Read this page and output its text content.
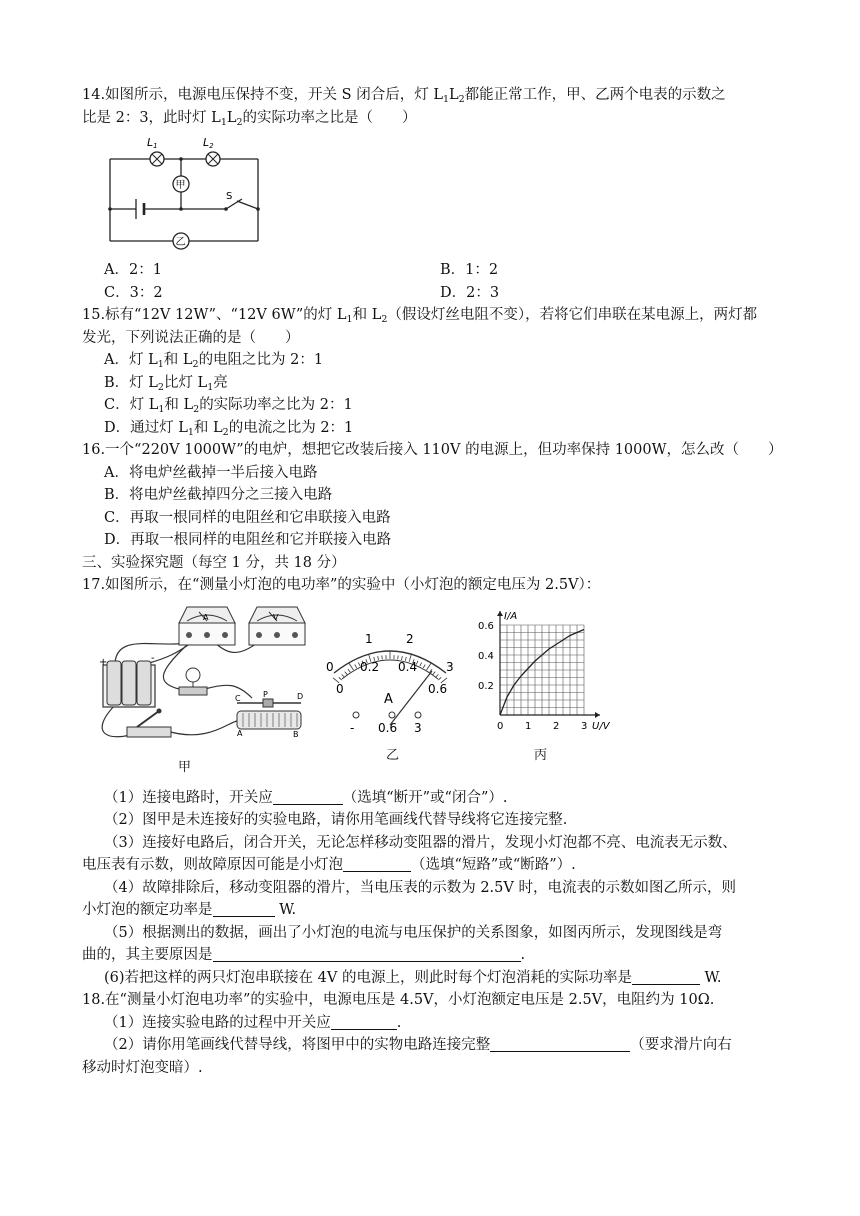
14.如图所示，电源电压保持不变，开关 S 闭合后，灯 $L_1L_2$都能正常工作，甲、乙两个电表的示数之

比是 2：3，此时灯 $L_1L_2$的实际功率之比是（　　）

L1	L2
S
甲
乙
A．2：1	B．1：2
C．3：2	D．2：3

15.标有“12V 12W”、“12V 6W”的灯 $L_1$和 $L_2$（假设灯丝电阻不变），若将它们串联在某电源上，两灯都

发光，下列说法正确的是（　　）

A．灯 $L_1$和 $L_2$的电阻之比为 2：1

B．灯 $L_2$比灯 $L_1$亮

C．灯 $L_1$和 $L_2$的实际功率之比为 2：1

D．通过灯 $L_1$和 $L_2$的电流之比为 2：1

16.一个“220V 1000W”的电炉，想把它改装后接入 110V 的电源上，但功率保持 1000W，怎么改（　　）

A．将电炉丝截掉一半后接入电路

B．将电炉丝截掉四分之三接入电路

C．再取一根同样的电阻丝和它串联接入电路

D．再取一根同样的电阻丝和它并联接入电路

三、实验探究题（每空 1 分，共 18 分）

17.如图所示，在“测量小灯泡的电功率”的实验中（小灯泡的额定电压为 2.5V）：

+	-
A	V
C	P	D
A	B
甲
0
1	2
3
0
0.2 0.4
0.6
A
- 0.6 3
乙
0 1 2 3
0.2
0.4
0.6
I/A
U/V
丙

（1）连接电路时，开关应	（选填“断开”或“闭合”）.

（2）图甲是未连接好的实验电路，请你用笔画线代替导线将它连接完整.

（3）连接好电路后，闭合开关，无论怎样移动变阻器的滑片，发现小灯泡都不亮、电流表无示数、

电压表有示数，则故障原因可能是小灯泡	（选填“短路”或“断路”）.

（4）故障排除后，移动变阻器的滑片，当电压表的示数为 2.5V 时，电流表的示数如图乙所示，则

小灯泡的额定功率是	W.

（5）根据测出的数据，画出了小灯泡的电流与电压保护的关系图象，如图丙所示，发现图线是弯

曲的，其主要原因是	.

(6)若把这样的两只灯泡串联接在 4V 的电源上，则此时每个灯泡消耗的实际功率是	W.

18.在“测量小灯泡电功率”的实验中，电源电压是 4.5V，小灯泡额定电压是 2.5V，电阻约为 10Ω.

（1）连接实验电路的过程中开关应	.

（2）请你用笔画线代替导线，将图甲中的实物电路连接完整	（要求滑片向右

移动时灯泡变暗）.
